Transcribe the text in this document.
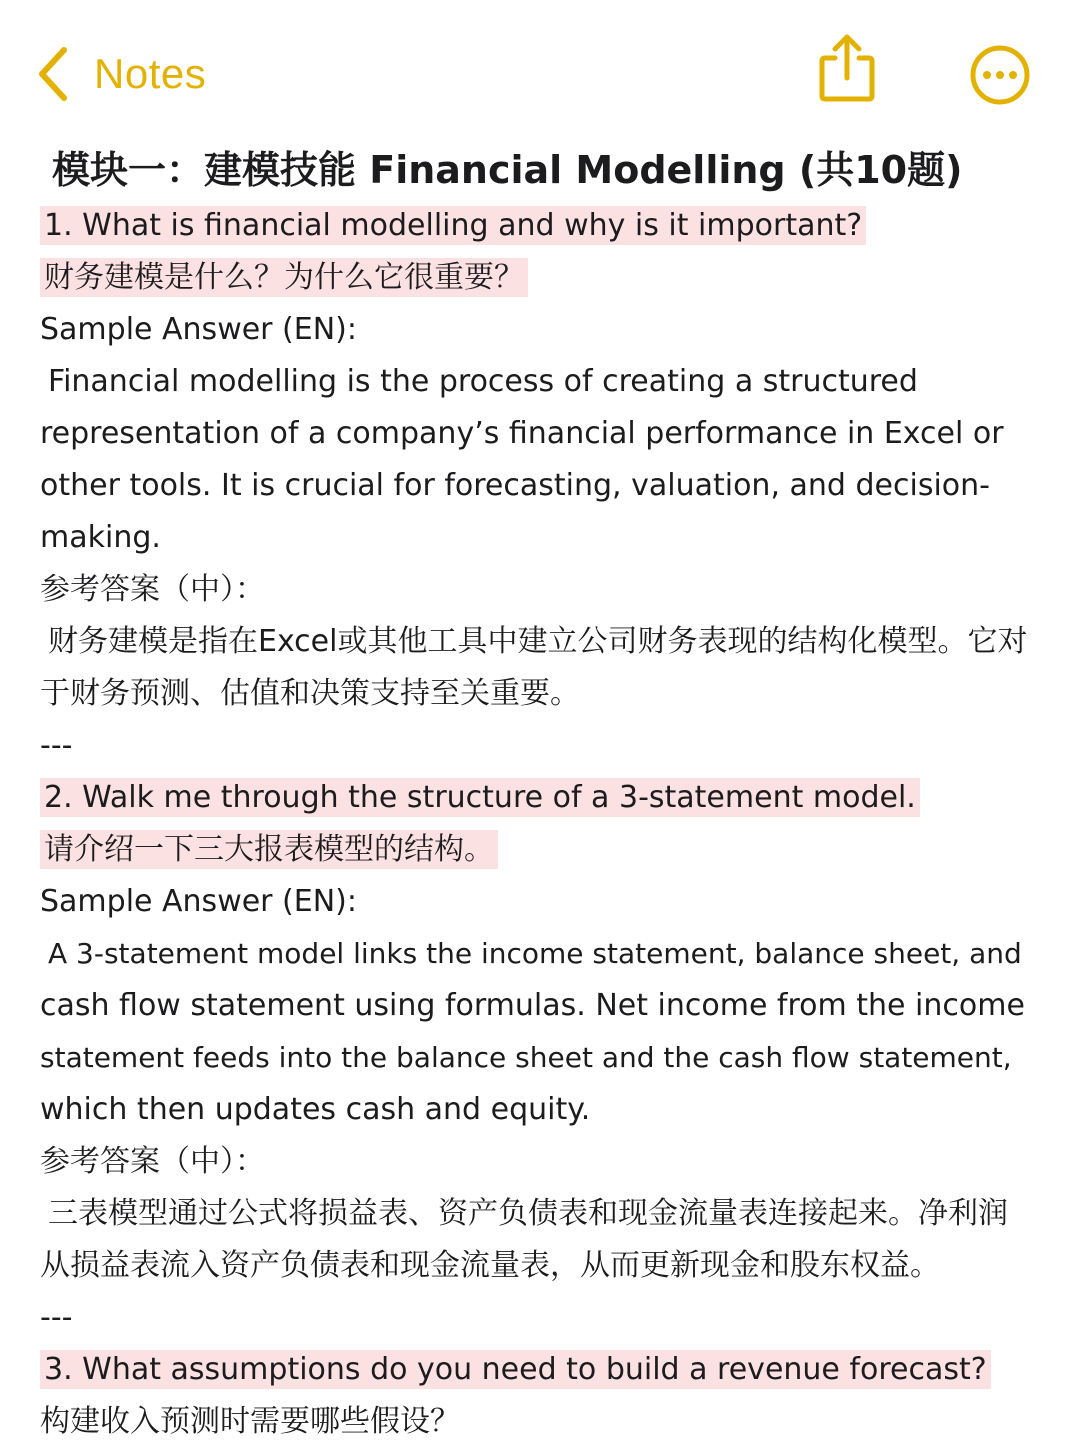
Notes
模块一：建模技能 Financial Modelling (共10题)
1. What is financial modelling and why is it important?
财务建模是什么？为什么它很重要？
Sample Answer (EN):
Financial modelling is the process of creating a structured
representation of a company’s financial performance in Excel or
other tools. It is crucial for forecasting, valuation, and decision-
making.
参考答案（中）：
财务建模是指在Excel或其他工具中建立公司财务表现的结构化模型。它对
于财务预测、估值和决策支持至关重要。
---
2. Walk me through the structure of a 3-statement model.
请介绍一下三大报表模型的结构。
Sample Answer (EN):
A 3-statement model links the income statement, balance sheet, and
cash flow statement using formulas. Net income from the income
statement feeds into the balance sheet and the cash flow statement,
which then updates cash and equity.
参考答案（中）：
三表模型通过公式将损益表、资产负债表和现金流量表连接起来。净利润
从损益表流入资产负债表和现金流量表，从而更新现金和股东权益。
---
3. What assumptions do you need to build a revenue forecast?
构建收入预测时需要哪些假设？
